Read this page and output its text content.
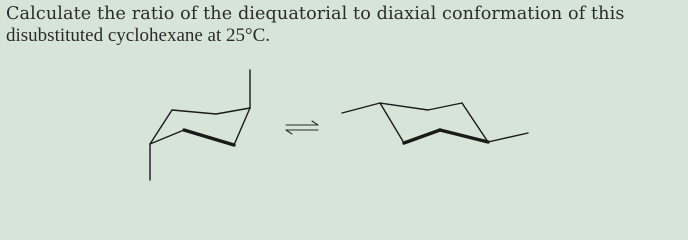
Calculate the ratio of the diequatorial to diaxial conformation of this
disubstituted cyclohexane at 25°C.
